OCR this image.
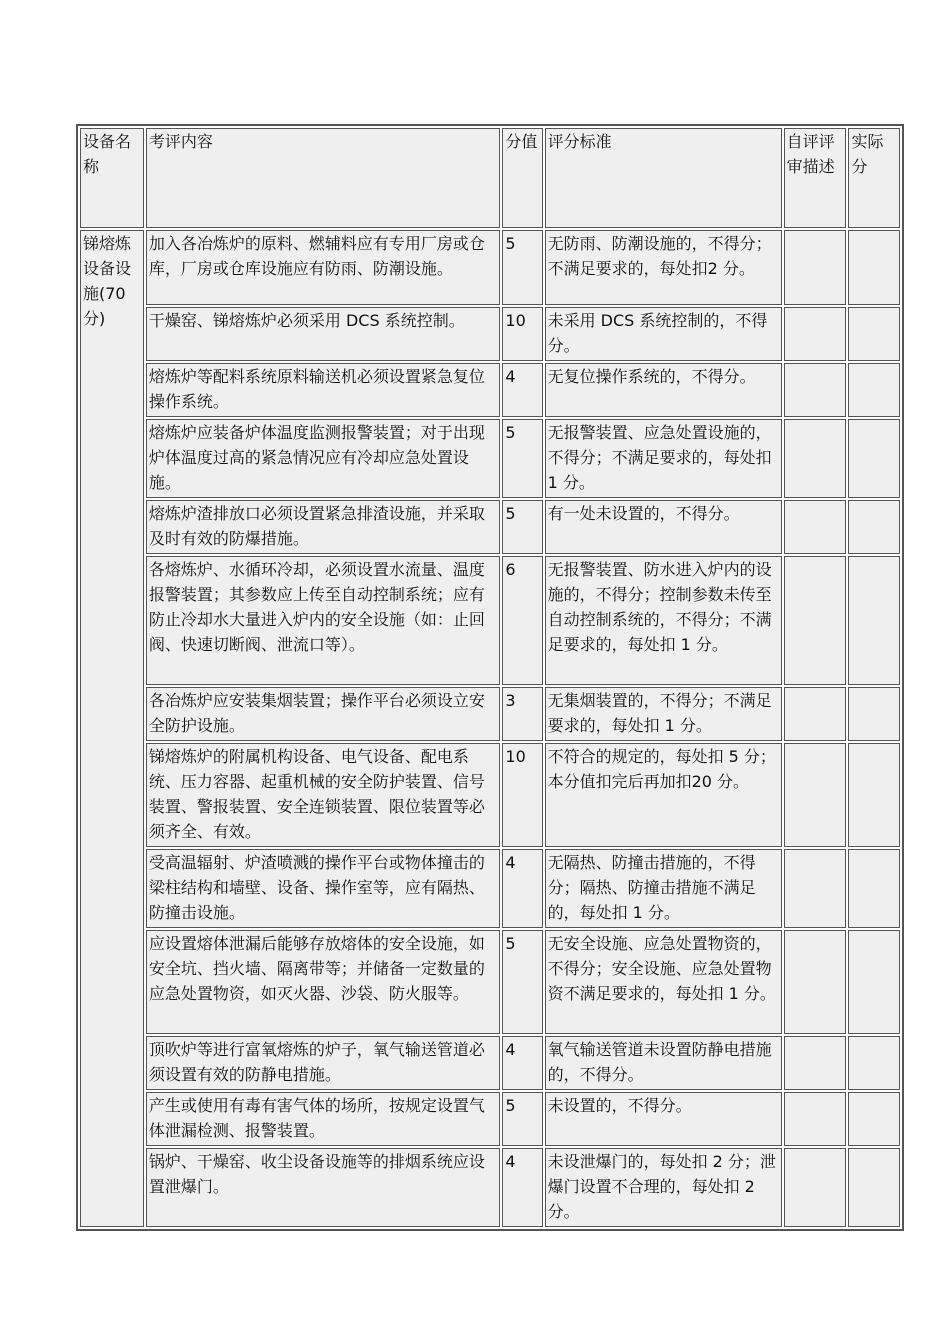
设备名称	考评内容	分值	评分标准	自评评审描述	实际分
锑熔炼设备设施(70分)	加入各冶炼炉的原料、燃辅料应有专用厂房或仓库，厂房或仓库设施应有防雨、防潮设施。	5	无防雨、防潮设施的，不得分；不满足要求的，每处扣2 分。		
	干燥窑、锑熔炼炉必须采用 DCS 系统控制。	10	未采用 DCS 系统控制的，不得分。		
	熔炼炉等配料系统原料输送机必须设置紧急复位操作系统。	4	无复位操作系统的，不得分。		
	熔炼炉应装备炉体温度监测报警装置；对于出现炉体温度过高的紧急情况应有冷却应急处置设施。	5	无报警装置、应急处置设施的，不得分；不满足要求的，每处扣 1 分。		
	熔炼炉渣排放口必须设置紧急排渣设施，并采取及时有效的防爆措施。	5	有一处未设置的，不得分。		
	各熔炼炉、水循环冷却，必须设置水流量、温度报警装置；其参数应上传至自动控制系统；应有防止冷却水大量进入炉内的安全设施（如：止回阀、快速切断阀、泄流口等）。	6	无报警装置、防水进入炉内的设施的，不得分；控制参数未传至自动控制系统的，不得分；不满足要求的，每处扣 1 分。		
	各冶炼炉应安装集烟装置；操作平台必须设立安全防护设施。	3	无集烟装置的，不得分；不满足要求的，每处扣 1 分。		
	锑熔炼炉的附属机构设备、电气设备、配电系统、压力容器、起重机械的安全防护装置、信号装置、警报装置、安全连锁装置、限位装置等必须齐全、有效。	10	不符合的规定的，每处扣 5 分；本分值扣完后再加扣20 分。		
	受高温辐射、炉渣喷溅的操作平台或物体撞击的梁柱结构和墙壁、设备、操作室等，应有隔热、防撞击设施。	4	无隔热、防撞击措施的，不得分；隔热、防撞击措施不满足的，每处扣 1 分。		
	应设置熔体泄漏后能够存放熔体的安全设施，如安全坑、挡火墙、隔离带等；并储备一定数量的应急处置物资，如灭火器、沙袋、防火服等。	5	无安全设施、应急处置物资的，不得分；安全设施、应急处置物资不满足要求的，每处扣 1 分。		
	顶吹炉等进行富氧熔炼的炉子，氧气输送管道必须设置有效的防静电措施。	4	氧气输送管道未设置防静电措施的，不得分。		
	产生或使用有毒有害气体的场所，按规定设置气体泄漏检测、报警装置。	5	未设置的，不得分。		
	锅炉、干燥窑、收尘设备设施等的排烟系统应设置泄爆门。	4	未设泄爆门的，每处扣 2 分；泄爆门设置不合理的，每处扣 2 分。		
